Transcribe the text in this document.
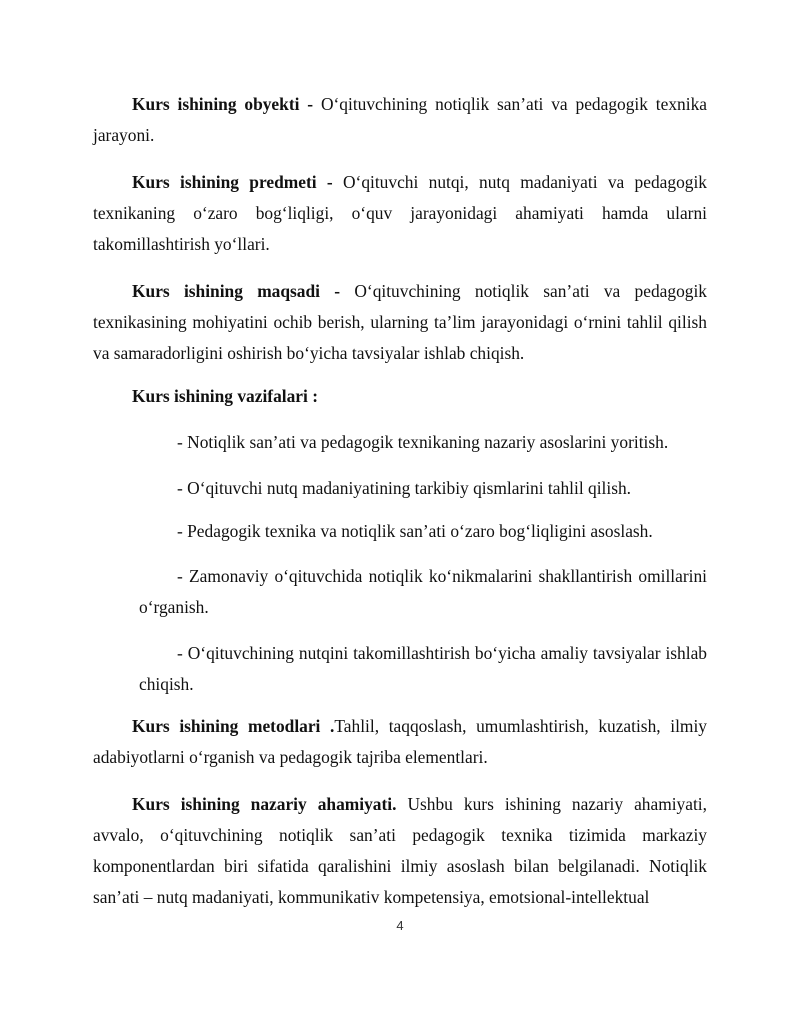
Kurs ishining obyekti - O‘qituvchining notiqlik san’ati va pedagogik texnika jarayoni.

Kurs ishining predmeti - O‘qituvchi nutqi, nutq madaniyati va pedagogik texnikaning o‘zaro bog‘liqligi, o‘quv jarayonidagi ahamiyati hamda ularni takomillashtirish yo‘llari.

Kurs ishining maqsadi - O‘qituvchining notiqlik san’ati va pedagogik texnikasining mohiyatini ochib berish, ularning ta’lim jarayonidagi o‘rnini tahlil qilish va samaradorligini oshirish bo‘yicha tavsiyalar ishlab chiqish.

Kurs ishining vazifalari :

- Notiqlik san’ati va pedagogik texnikaning nazariy asoslarini yoritish.

- O‘qituvchi nutq madaniyatining tarkibiy qismlarini tahlil qilish.

- Pedagogik texnika va notiqlik san’ati o‘zaro bog‘liqligini asoslash.

- Zamonaviy o‘qituvchida notiqlik ko‘nikmalarini shakllantirish omillarini o‘rganish.

- O‘qituvchining nutqini takomillashtirish bo‘yicha amaliy tavsiyalar ishlab chiqish.

Kurs ishining metodlari .Tahlil, taqqoslash, umumlashtirish, kuzatish, ilmiy adabiyotlarni o‘rganish va pedagogik tajriba elementlari.

Kurs ishining nazariy ahamiyati. Ushbu kurs ishining nazariy ahamiyati, avvalo, o‘qituvchining notiqlik san’ati pedagogik texnika tizimida markaziy komponentlardan biri sifatida qaralishini ilmiy asoslash bilan belgilanadi. Notiqlik san’ati – nutq madaniyati, kommunikativ kompetensiya, emotsional-intellektual

4
